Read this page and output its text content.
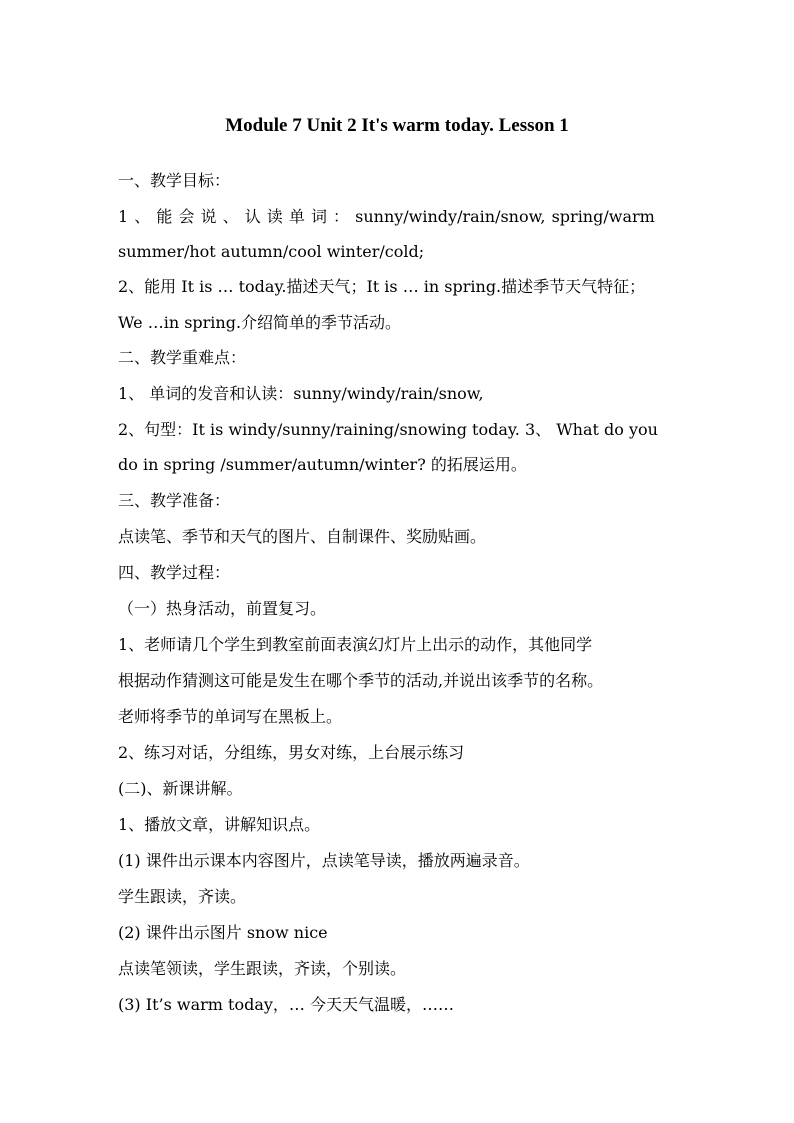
Module 7 Unit 2 It's warm today. Lesson 1
一、教学目标：
1 、 能 会 说 、 认 读 单 词 ： sunny/windy/rain/snow, spring/warm
summer/hot autumn/cool winter/cold;
2、能用 It is … today.描述天气；It is … in spring.描述季节天气特征；
We …in spring.介绍简单的季节活动。
二、教学重难点：
1、 单词的发音和认读：sunny/windy/rain/snow,
2、句型：It is windy/sunny/raining/snowing today. 3、 What do you
do in spring /summer/autumn/winter? 的拓展运用。
三、教学准备：
点读笔、季节和天气的图片、自制课件、奖励贴画。
四、教学过程：
（一）热身活动，前置复习。
1、老师请几个学生到教室前面表演幻灯片上出示的动作，其他同学
根据动作猜测这可能是发生在哪个季节的活动,并说出该季节的名称。
老师将季节的单词写在黑板上。
2、练习对话，分组练，男女对练，上台展示练习
(二)、新课讲解。
1、播放文章，讲解知识点。
(1) 课件出示课本内容图片，点读笔导读，播放两遍录音。
学生跟读，齐读。
(2) 课件出示图片 snow nice
点读笔领读，学生跟读，齐读，个别读。
(3) It’s warm today，… 今天天气温暖，……
